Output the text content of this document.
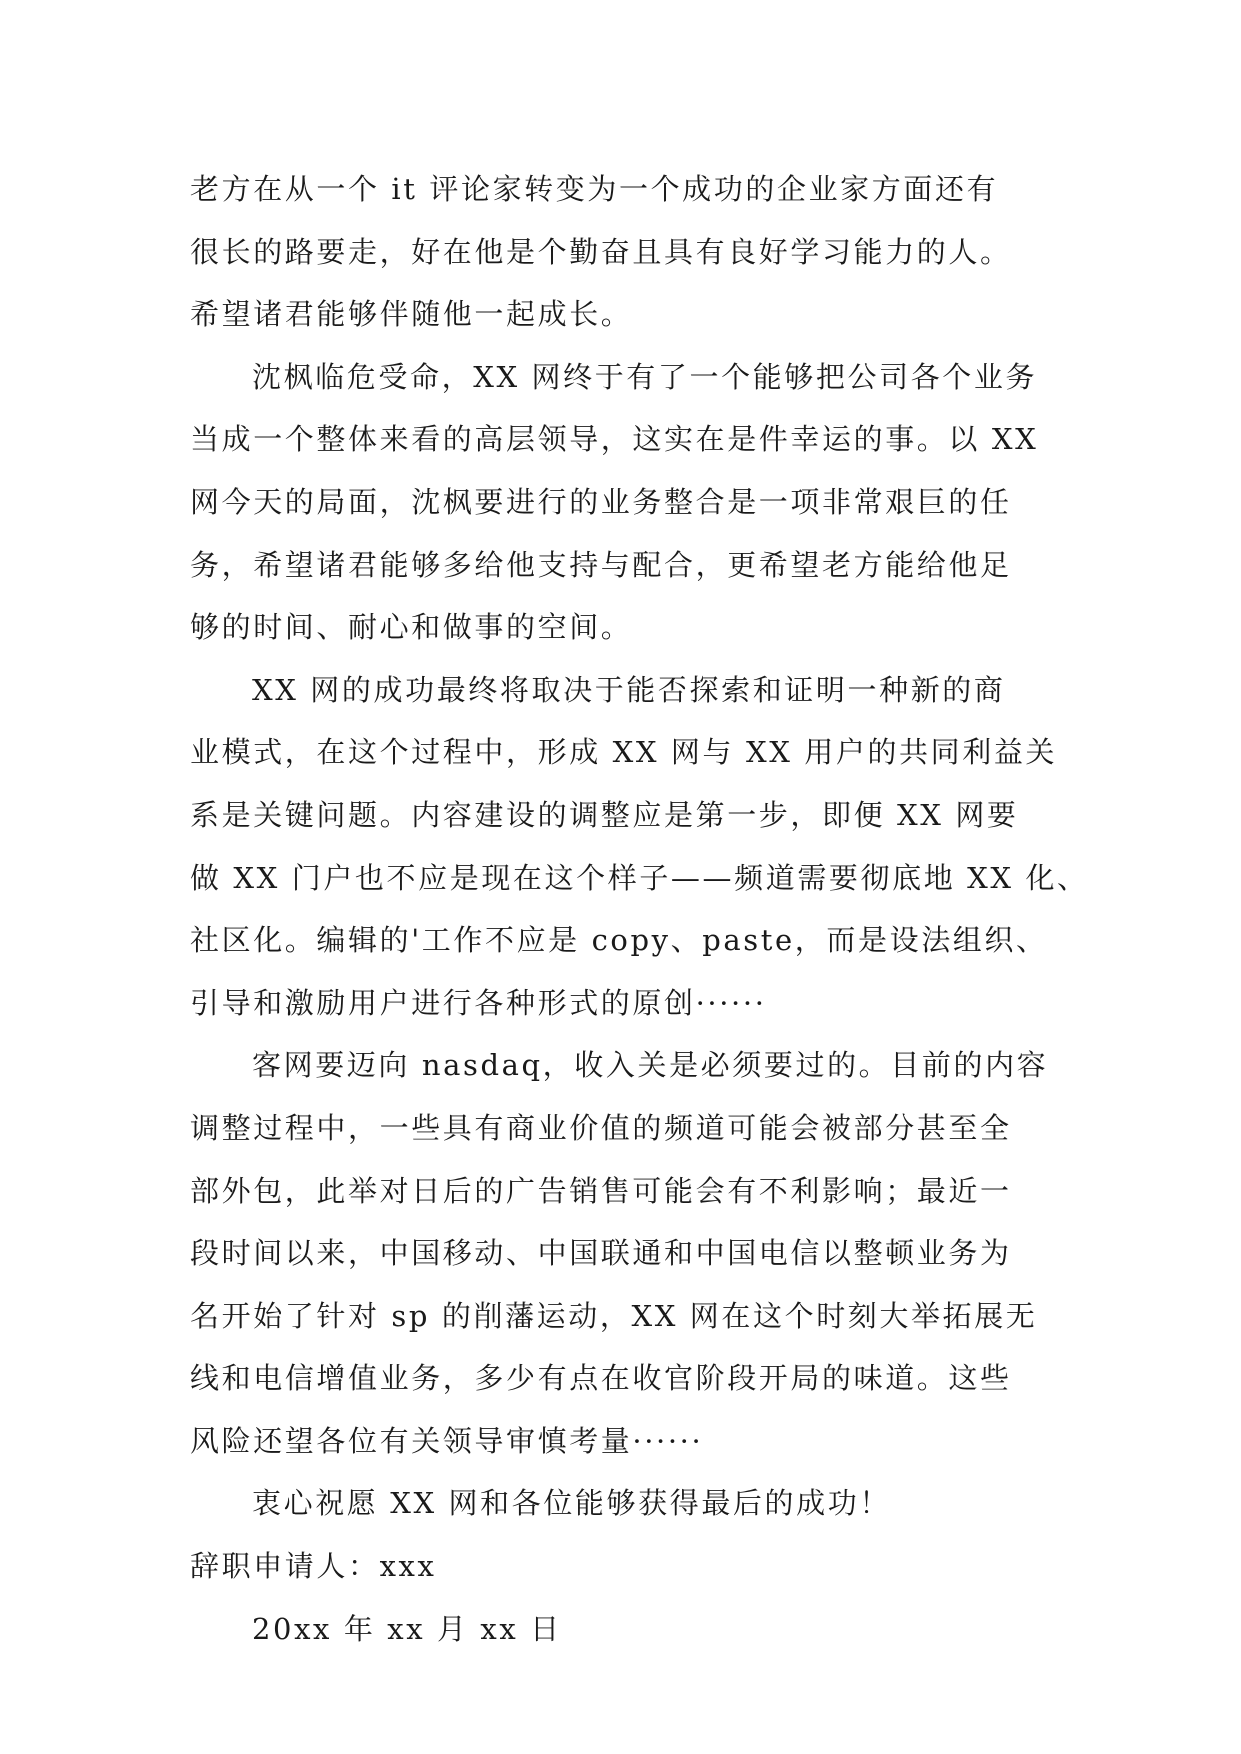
老方在从一个 it 评论家转变为一个成功的企业家方面还有
很长的路要走，好在他是个勤奋且具有良好学习能力的人。
希望诸君能够伴随他一起成长。
沈枫临危受命，XX 网终于有了一个能够把公司各个业务
当成一个整体来看的高层领导，这实在是件幸运的事。以 XX
网今天的局面，沈枫要进行的业务整合是一项非常艰巨的任
务，希望诸君能够多给他支持与配合，更希望老方能给他足
够的时间、耐心和做事的空间。
XX 网的成功最终将取决于能否探索和证明一种新的商
业模式，在这个过程中，形成 XX 网与 XX 用户的共同利益关
系是关键问题。内容建设的调整应是第一步，即便 XX 网要
做 XX 门户也不应是现在这个样子——频道需要彻底地 XX 化、
社区化。编辑的'工作不应是 copy、paste，而是设法组织、
引导和激励用户进行各种形式的原创······
客网要迈向 nasdaq，收入关是必须要过的。目前的内容
调整过程中，一些具有商业价值的频道可能会被部分甚至全
部外包，此举对日后的广告销售可能会有不利影响；最近一
段时间以来，中国移动、中国联通和中国电信以整顿业务为
名开始了针对 sp 的削藩运动，XX 网在这个时刻大举拓展无
线和电信增值业务，多少有点在收官阶段开局的味道。这些
风险还望各位有关领导审慎考量······
衷心祝愿 XX 网和各位能够获得最后的成功！
辞职申请人：xxx
20xx 年 xx 月 xx 日
